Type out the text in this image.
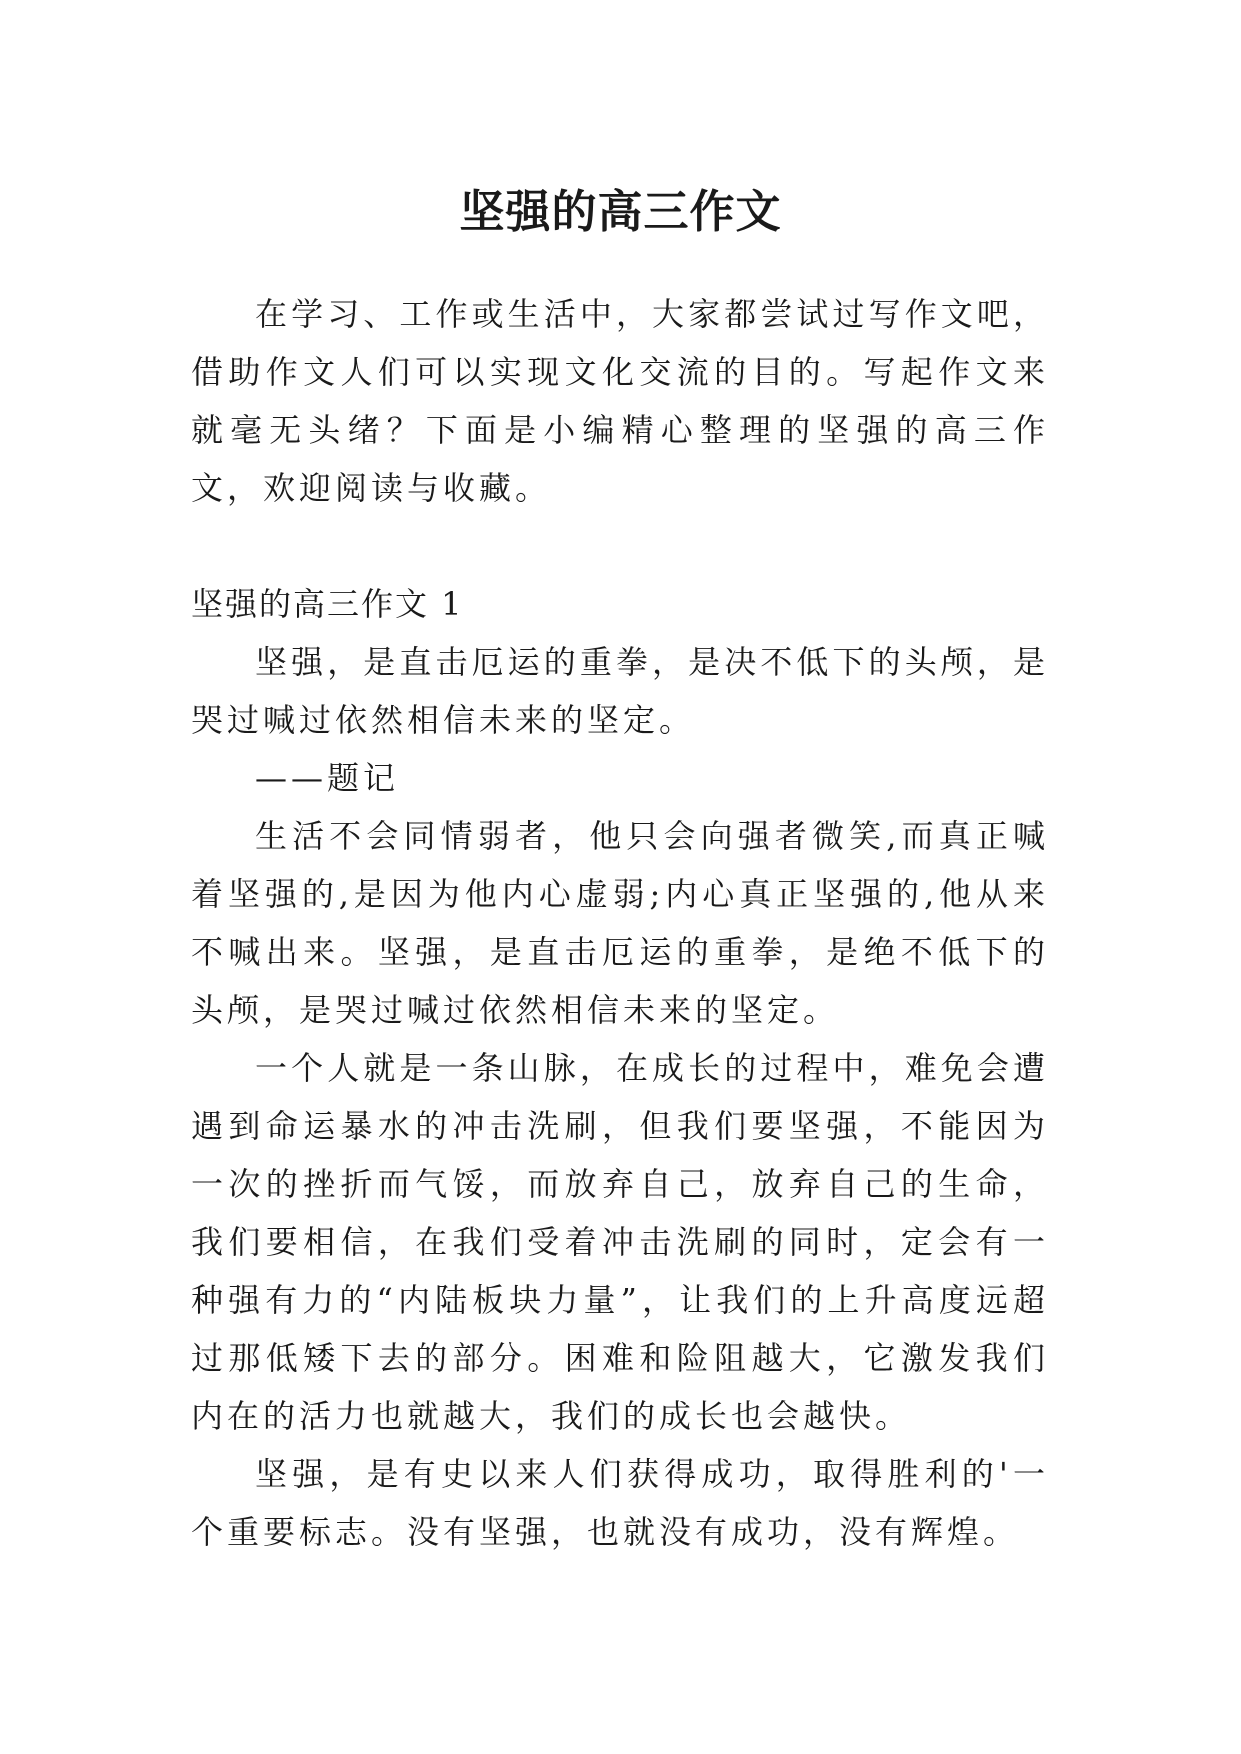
坚强的高三作文

在学习、工作或生活中，大家都尝试过写作文吧，借助作文人们可以实现文化交流的目的。写起作文来就毫无头绪？下面是小编精心整理的坚强的高三作文，欢迎阅读与收藏。

坚强的高三作文 1

坚强，是直击厄运的重拳，是决不低下的头颅，是哭过喊过依然相信未来的坚定。

——题记

生活不会同情弱者，他只会向强者微笑,而真正喊着坚强的,是因为他内心虚弱;内心真正坚强的,他从来不喊出来。坚强，是直击厄运的重拳，是绝不低下的头颅，是哭过喊过依然相信未来的坚定。

一个人就是一条山脉，在成长的过程中，难免会遭遇到命运暴水的冲击洗刷，但我们要坚强，不能因为一次的挫折而气馁，而放弃自己，放弃自己的生命，我们要相信，在我们受着冲击洗刷的同时，定会有一种强有力的“内陆板块力量”，让我们的上升高度远超过那低矮下去的部分。困难和险阻越大，它激发我们内在的活力也就越大，我们的成长也会越快。

坚强，是有史以来人们获得成功，取得胜利的'一个重要标志。没有坚强，也就没有成功，没有辉煌。
